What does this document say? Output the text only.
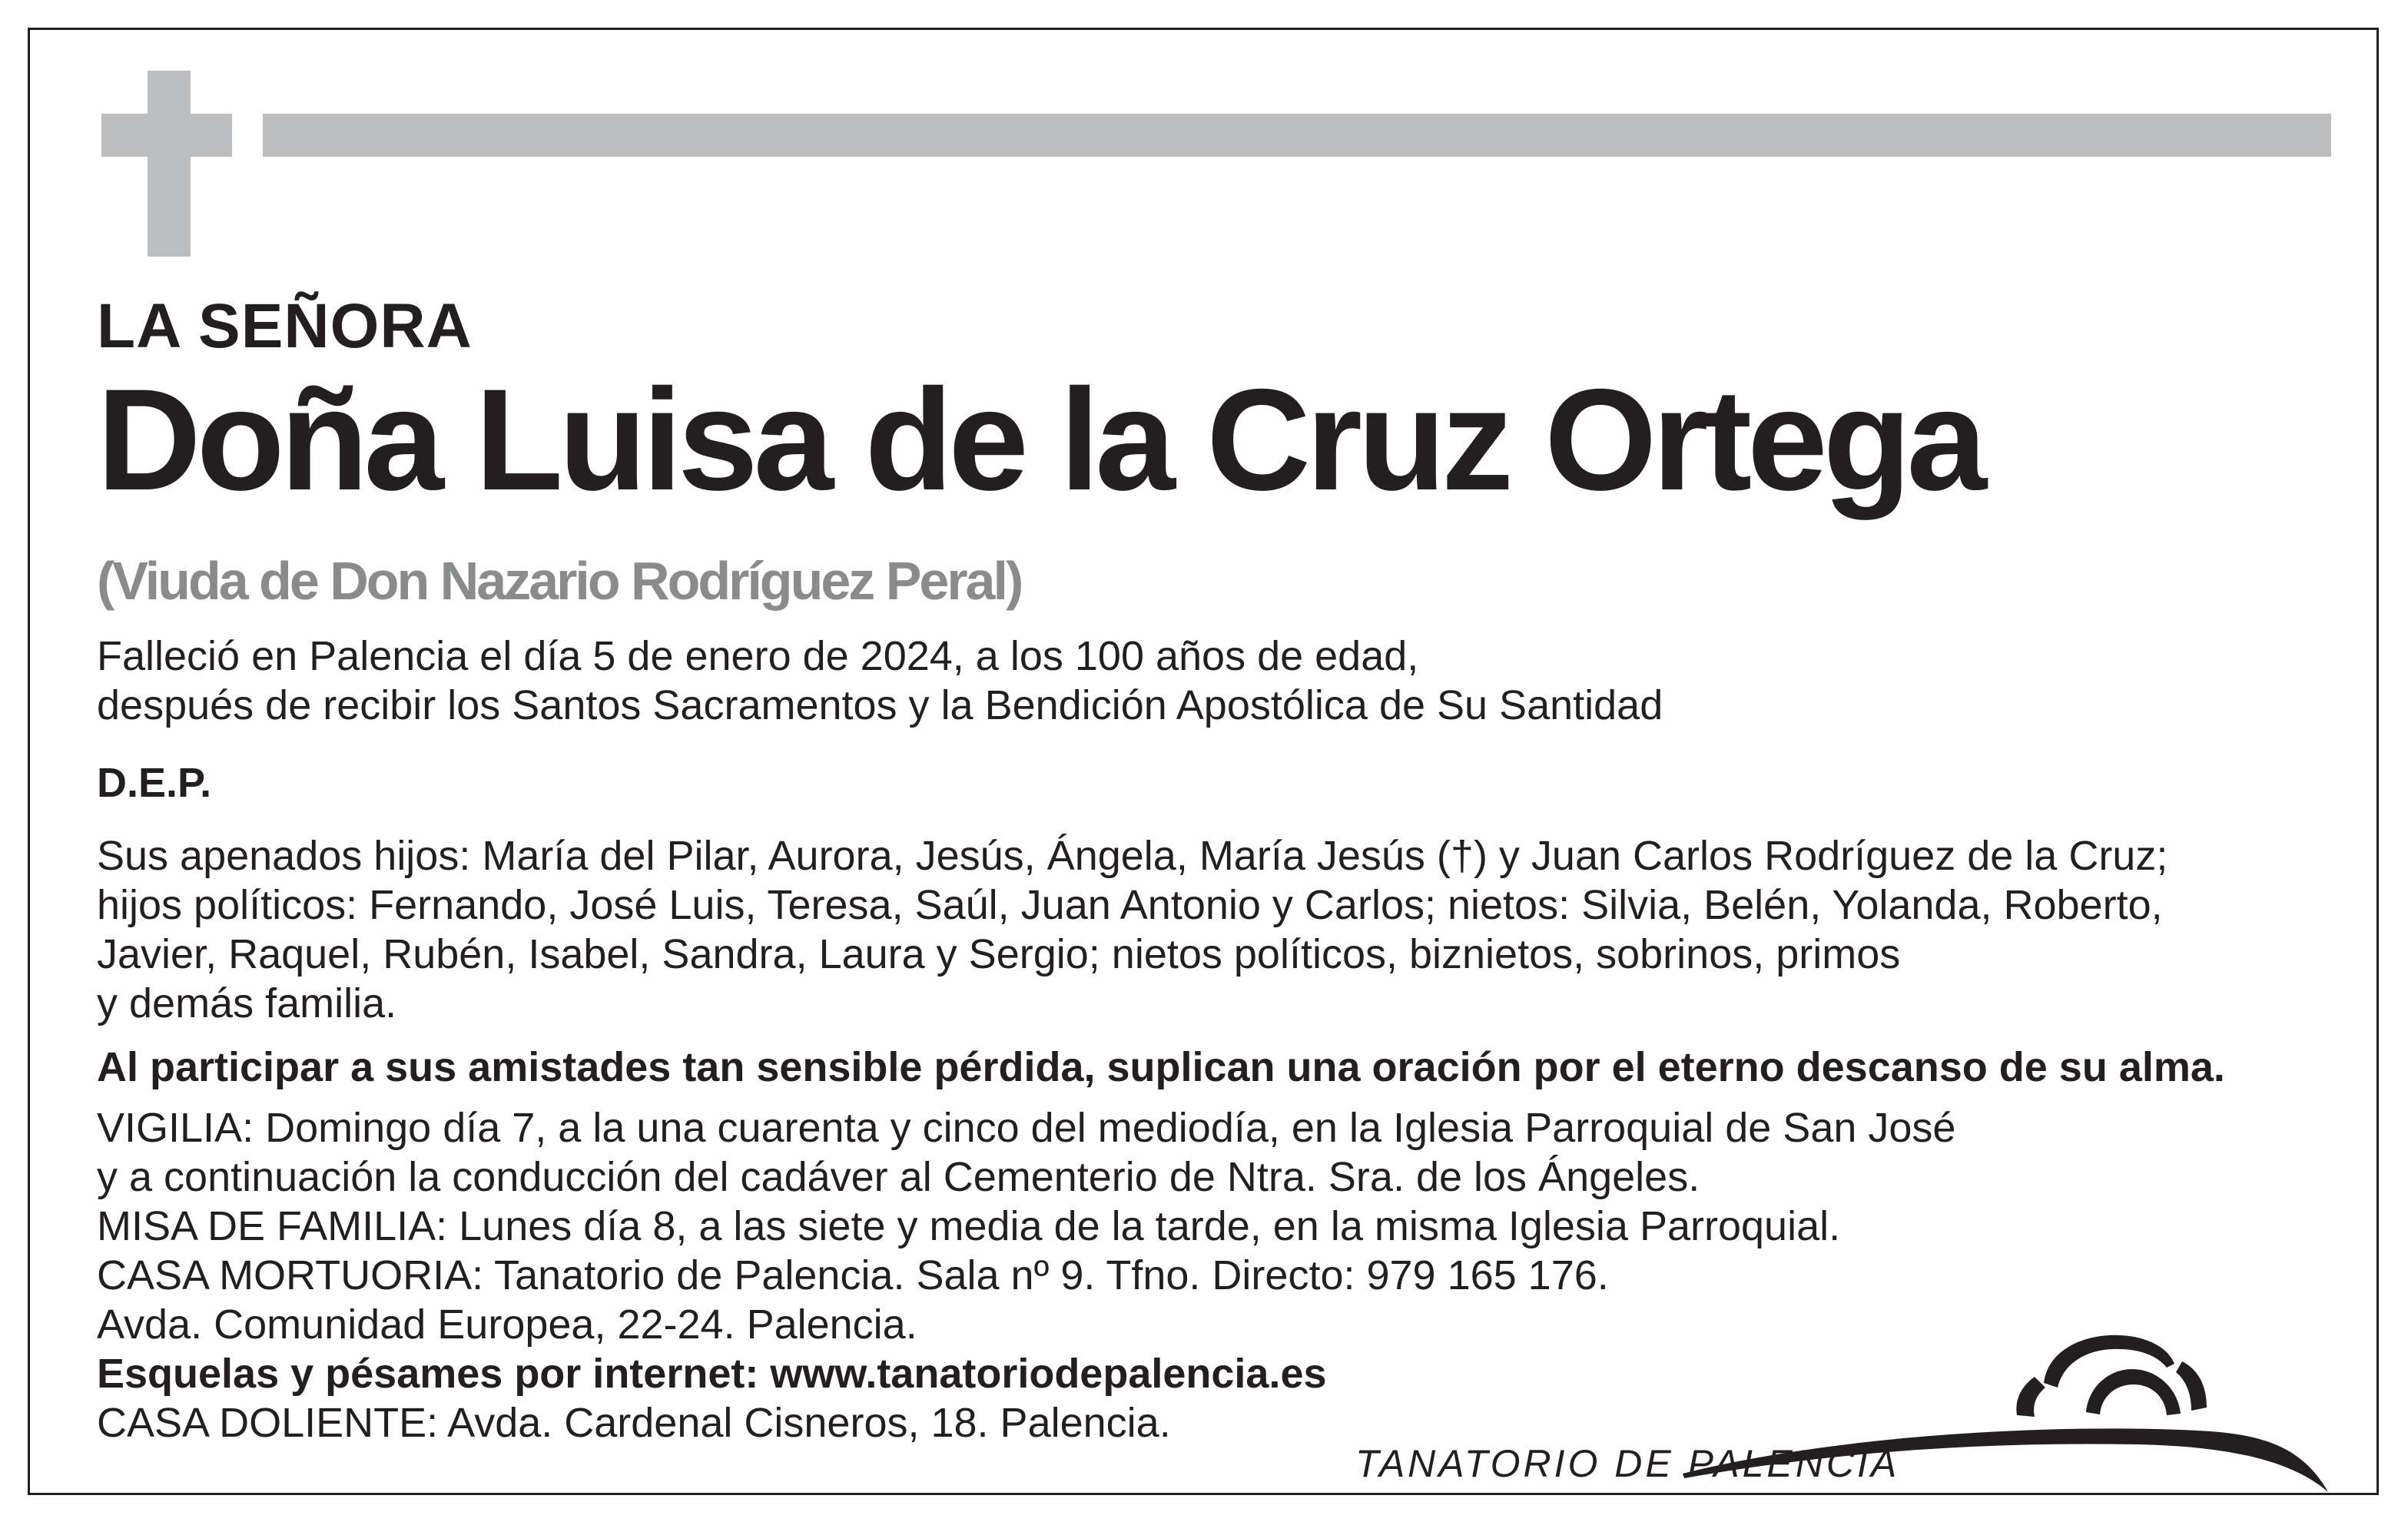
LA SEÑORA
Doña Luisa de la Cruz Ortega
(Viuda de Don Nazario Rodríguez Peral)
Falleció en Palencia el día 5 de enero de 2024, a los 100 años de edad,
después de recibir los Santos Sacramentos y la Bendición Apostólica de Su Santidad
D.E.P.
Sus apenados hijos: María del Pilar, Aurora, Jesús, Ángela, María Jesús (†) y Juan Carlos Rodríguez de la Cruz;
hijos políticos: Fernando, José Luis, Teresa, Saúl, Juan Antonio y Carlos; nietos: Silvia, Belén, Yolanda, Roberto,
Javier, Raquel, Rubén, Isabel, Sandra, Laura y Sergio; nietos políticos, biznietos, sobrinos, primos
y demás familia.
Al participar a sus amistades tan sensible pérdida, suplican una oración por el eterno descanso de su alma.
VIGILIA: Domingo día 7, a la una cuarenta y cinco del mediodía, en la Iglesia Parroquial de San José
y a continuación la conducción del cadáver al Cementerio de Ntra. Sra. de los Ángeles.
MISA DE FAMILIA: Lunes día 8, a las siete y media de la tarde, en la misma Iglesia Parroquial.
CASA MORTUORIA: Tanatorio de Palencia. Sala nº 9. Tfno. Directo: 979 165 176.
Avda. Comunidad Europea, 22-24. Palencia.
Esquelas y pésames por internet: www.tanatoriodepalencia.es
CASA DOLIENTE: Avda. Cardenal Cisneros, 18. Palencia.
TANATORIO DE PALENCIA
